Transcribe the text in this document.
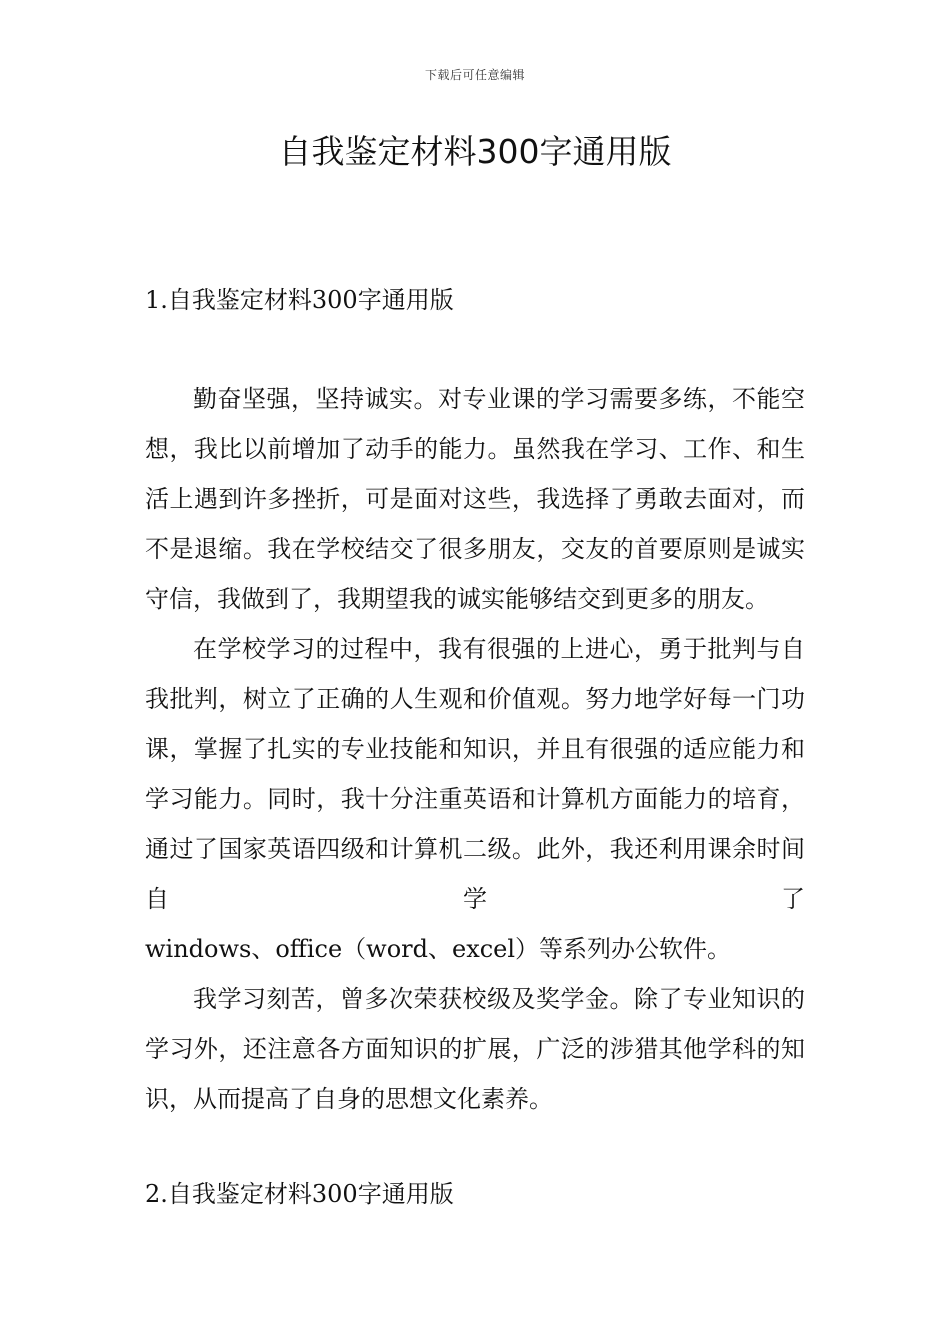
下载后可任意编辑
自我鉴定材料300字通用版
1.自我鉴定材料300字通用版

勤奋坚强，坚持诚实。对专业课的学习需要多练，不能空想，我比以前增加了动手的能力。虽然我在学习、工作、和生活上遇到许多挫折，可是面对这些，我选择了勇敢去面对，而不是退缩。我在学校结交了很多朋友，交友的首要原则是诚实守信，我做到了，我期望我的诚实能够结交到更多的朋友。

在学校学习的过程中，我有很强的上进心，勇于批判与自我批判，树立了正确的人生观和价值观。努力地学好每一门功课，掌握了扎实的专业技能和知识，并且有很强的适应能力和学习能力。同时，我十分注重英语和计算机方面能力的培育，通过了国家英语四级和计算机二级。此外，我还利用课余时间自学了

windows、office（word、excel）等系列办公软件。

我学习刻苦，曾多次荣获校级及奖学金。除了专业知识的学习外，还注意各方面知识的扩展，广泛的涉猎其他学科的知识，从而提高了自身的思想文化素养。

2.自我鉴定材料300字通用版
